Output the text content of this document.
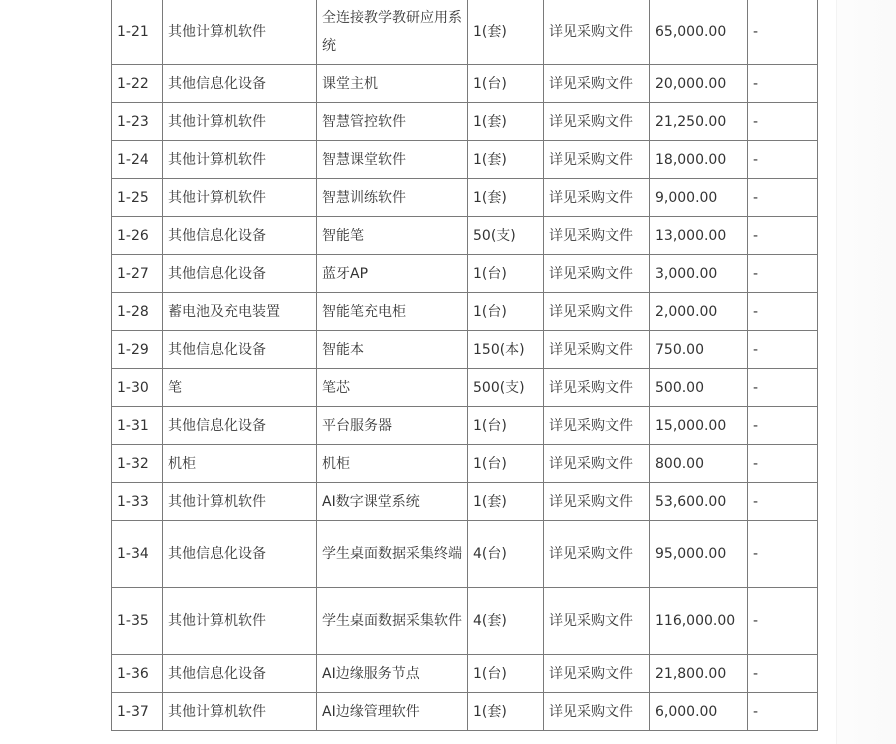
1-21	其他计算机软件	全连接教学教研应用系统	1(套)	详见采购文件	65,000.00	-
1-22	其他信息化设备	课堂主机	1(台)	详见采购文件	20,000.00	-
1-23	其他计算机软件	智慧管控软件	1(套)	详见采购文件	21,250.00	-
1-24	其他计算机软件	智慧课堂软件	1(套)	详见采购文件	18,000.00	-
1-25	其他计算机软件	智慧训练软件	1(套)	详见采购文件	9,000.00	-
1-26	其他信息化设备	智能笔	50(支)	详见采购文件	13,000.00	-
1-27	其他信息化设备	蓝牙AP	1(台)	详见采购文件	3,000.00	-
1-28	蓄电池及充电装置	智能笔充电柜	1(台)	详见采购文件	2,000.00	-
1-29	其他信息化设备	智能本	150(本)	详见采购文件	750.00	-
1-30	笔	笔芯	500(支)	详见采购文件	500.00	-
1-31	其他信息化设备	平台服务器	1(台)	详见采购文件	15,000.00	-
1-32	机柜	机柜	1(台)	详见采购文件	800.00	-
1-33	其他计算机软件	AI数字课堂系统	1(套)	详见采购文件	53,600.00	-
1-34	其他信息化设备	学生桌面数据采集终端	4(台)	详见采购文件	95,000.00	-
1-35	其他计算机软件	学生桌面数据采集软件	4(套)	详见采购文件	116,000.00	-
1-36	其他信息化设备	AI边缘服务节点	1(台)	详见采购文件	21,800.00	-
1-37	其他计算机软件	AI边缘管理软件	1(套)	详见采购文件	6,000.00	-
